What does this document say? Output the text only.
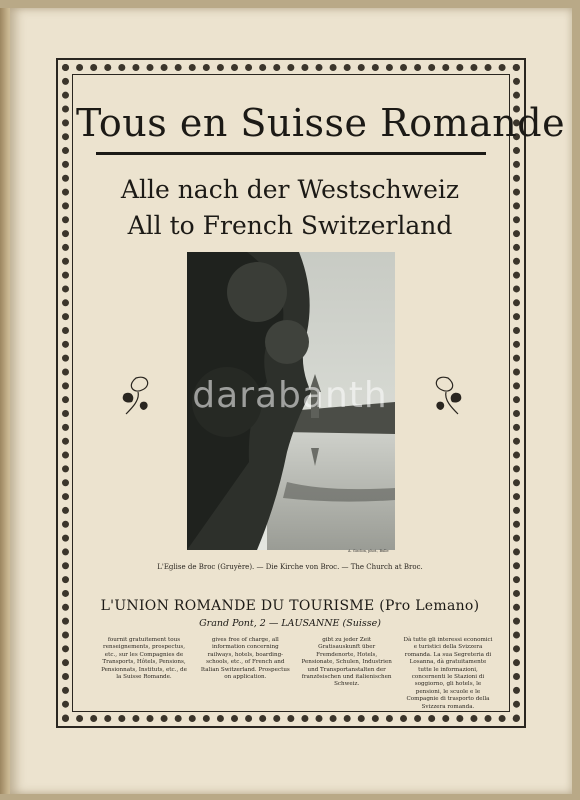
Tous en Suisse Romande
Alle nach der Westschweiz
All to French Switzerland
A. Gisclon, phot., Bulle
L'Eglise de Broc (Gruyère). — Die Kirche von Broc. — The Church at Broc.
darabanth
L'UNION ROMANDE DU TOURISME (Pro Lemano)
Grand Pont, 2 — LAUSANNE (Suisse)
fournit gratuitement tous renseignements, prospectus, etc., sur les Compagnies de Transports, Hôtels, Pensions, Pensionnats, Instituts, etc., de la Suisse Romande.
gives free of charge, all information concerning railways, hotels, boarding-schools, etc., of French and Italian Switzerland. Prospectus on application.
gibt zu jeder Zeit Gratisauskunft über Fremdenorte, Hotels, Pensionate, Schulen, Industrien und Transportanstalten der französischen und italienischen Schweiz.
Dà tutte gli interessi economici e turistici della Svizzera romanda. La sua Segreteria di Losanna, dà gratuitamente tutte le informazioni, concernenti le Stazioni di soggiorno, gli hotels, le pensioni, le scuole e le Compagnie di trasporto della Svizzera romanda.
